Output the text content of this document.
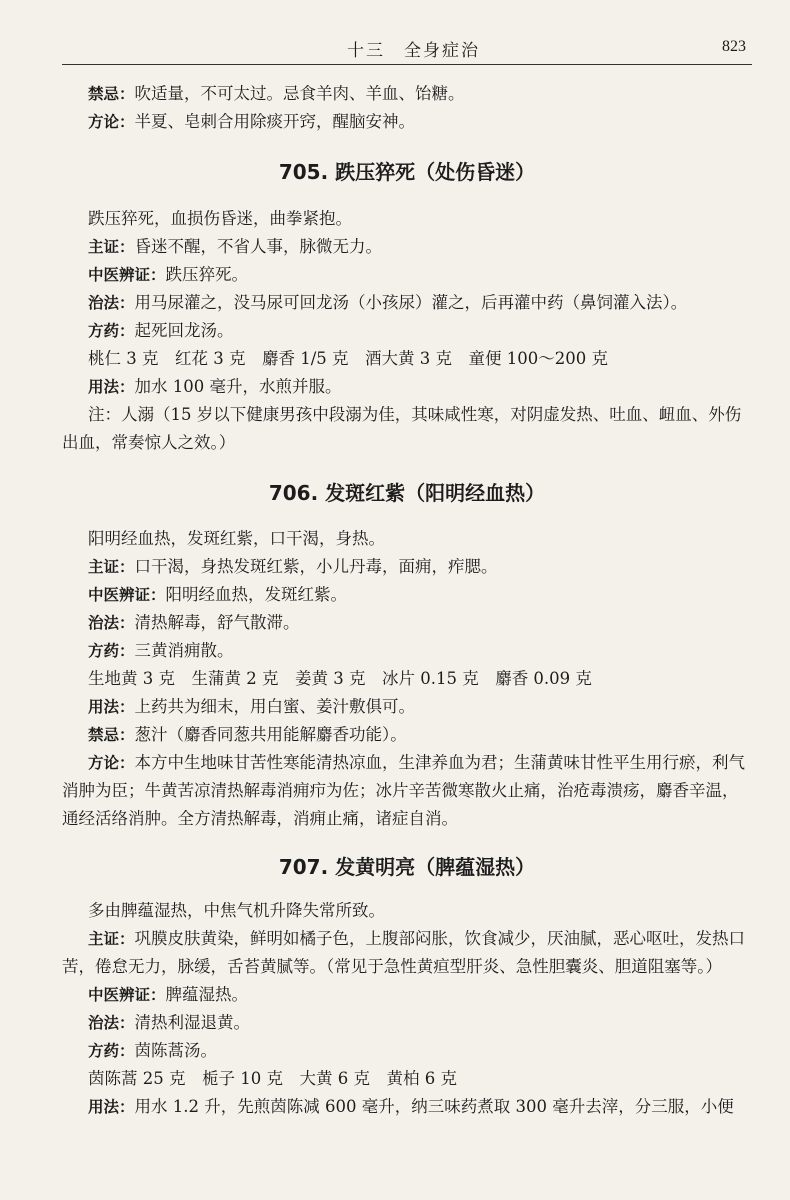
十三　全身症治	823

禁忌：吹适量，不可太过。忌食羊肉、羊血、饴糖。

方论：半夏、皂刺合用除痰开窍，醒脑安神。

705. 跌压猝死（处伤昏迷）

跌压猝死，血损伤昏迷，曲拳紧抱。

主证：昏迷不醒，不省人事，脉微无力。

中医辨证：跌压猝死。

治法：用马尿灌之，没马尿可回龙汤（小孩尿）灌之，后再灌中药（鼻饲灌入法）。

方药：起死回龙汤。

桃仁 3 克　红花 3 克　麝香 1/5 克　酒大黄 3 克　童便 100～200 克

用法：加水 100 毫升，水煎并服。

注：人溺（15 岁以下健康男孩中段溺为佳，其味咸性寒，对阴虚发热、吐血、衄血、外伤出血，常奏惊人之效。）

706. 发斑红紫（阳明经血热）

阳明经血热，发斑红紫，口干渴，身热。

主证：口干渴，身热发斑红紫，小儿丹毒，面痈，痄腮。

中医辨证：阳明经血热，发斑红紫。

治法：清热解毒，舒气散滞。

方药：三黄消痈散。

生地黄 3 克　生蒲黄 2 克　姜黄 3 克　冰片 0.15 克　麝香 0.09 克

用法：上药共为细末，用白蜜、姜汁敷俱可。

禁忌：葱汁（麝香同葱共用能解麝香功能）。

方论：本方中生地味甘苦性寒能清热凉血，生津养血为君；生蒲黄味甘性平生用行瘀，利气消肿为臣；牛黄苦凉清热解毒消痈疖为佐；冰片辛苦微寒散火止痛，治疮毒溃疡，麝香辛温，通经活络消肿。全方清热解毒，消痈止痛，诸症自消。

707. 发黄明亮（脾蕴湿热）

多由脾蕴湿热，中焦气机升降失常所致。

主证：巩膜皮肤黄染，鲜明如橘子色，上腹部闷胀，饮食减少，厌油腻，恶心呕吐，发热口苦，倦怠无力，脉缓，舌苔黄腻等。（常见于急性黄疸型肝炎、急性胆囊炎、胆道阻塞等。）

中医辨证：脾蕴湿热。

治法：清热利湿退黄。

方药：茵陈蒿汤。

茵陈蒿 25 克　栀子 10 克　大黄 6 克　黄柏 6 克

用法：用水 1.2 升，先煎茵陈减 600 毫升，纳三味药煮取 300 毫升去滓，分三服，小便
